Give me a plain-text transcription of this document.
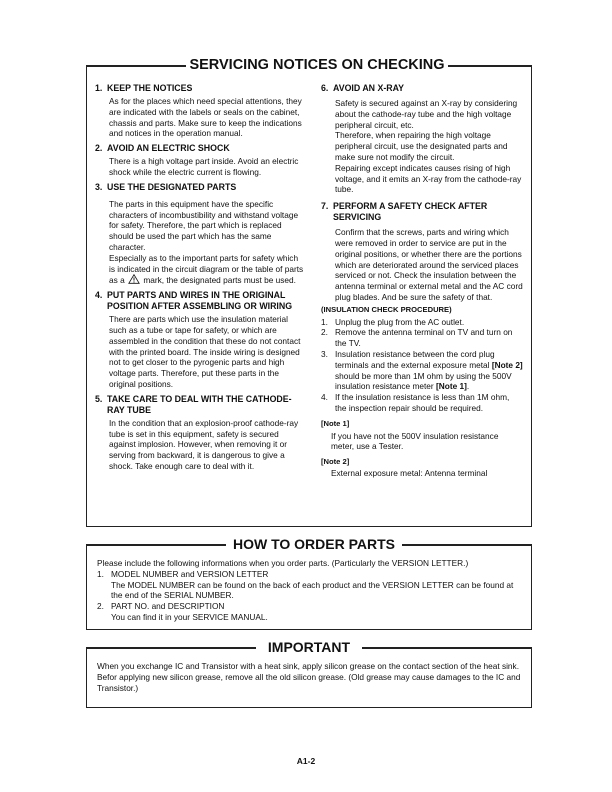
SERVICING NOTICES ON CHECKING
1. KEEP THE NOTICES
As for the places which need special attentions, they are indicated with the labels or seals on the cabinet, chassis and parts. Make sure to keep the indications and notices in the operation manual.
2. AVOID AN ELECTRIC SHOCK
There is a high voltage part inside. Avoid an electric shock while the electric current is flowing.
3. USE THE DESIGNATED PARTS
The parts in this equipment have the specific characters of incombustibility and withstand voltage for safety. Therefore, the part which is replaced should be used the part which has the same character.
Especially as to the important parts for safety which is indicated in the circuit diagram or the table of parts as a mark, the designated parts must be used.
4. PUT PARTS AND WIRES IN THE ORIGINAL POSITION AFTER ASSEMBLING OR WIRING
There are parts which use the insulation material such as a tube or tape for safety, or which are assembled in the condition that these do not contact with the printed board. The inside wiring is designed not to get closer to the pyrogenic parts and high voltage parts. Therefore, put these parts in the original positions.
5. TAKE CARE TO DEAL WITH THE CATHODE-RAY TUBE
In the condition that an explosion-proof cathode-ray tube is set in this equipment, safety is secured against implosion. However, when removing it or serving from backward, it is dangerous to give a shock. Take enough care to deal with it.
6. AVOID AN X-RAY
Safety is secured against an X-ray by considering about the cathode-ray tube and the high voltage peripheral circuit, etc.
Therefore, when repairing the high voltage peripheral circuit, use the designated parts and make sure not modify the circuit.
Repairing except indicates causes rising of high voltage, and it emits an X-ray from the cathode-ray tube.
7. PERFORM A SAFETY CHECK AFTER SERVICING
Confirm that the screws, parts and wiring which were removed in order to service are put in the original positions, or whether there are the portions which are deteriorated around the serviced places serviced or not. Check the insulation between the antenna terminal or external metal and the AC cord plug blades. And be sure the safety of that.
(INSULATION CHECK PROCEDURE)
1. Unplug the plug from the AC outlet.
2. Remove the antenna terminal on TV and turn on the TV.
3. Insulation resistance between the cord plug terminals and the external exposure metal [Note 2] should be more than 1M ohm by using the 500V insulation resistance meter [Note 1].
4. If the insulation resistance is less than 1M ohm, the inspection repair should be required.
[Note 1]
If you have not the 500V insulation resistance meter, use a Tester.
[Note 2]
External exposure metal: Antenna terminal
HOW TO ORDER PARTS
Please include the following informations when you order parts. (Particularly the VERSION LETTER.)
1. MODEL NUMBER and VERSION LETTER
The MODEL NUMBER can be found on the back of each product and the VERSION LETTER can be found at the end of the SERIAL NUMBER.
2. PART NO. and DESCRIPTION
You can find it in your SERVICE MANUAL.
IMPORTANT
When you exchange IC and Transistor with a heat sink, apply silicon grease on the contact section of the heat sink. Befor applying new silicon grease, remove all the old silicon grease. (Old grease may cause damages to the IC and Transistor.)
A1-2
